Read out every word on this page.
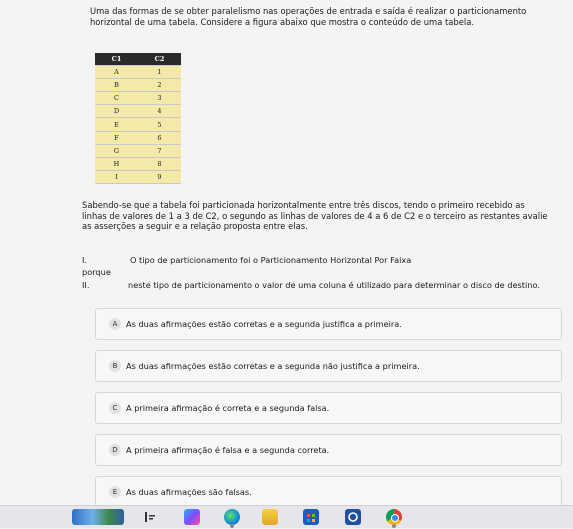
Uma das formas de se obter paralelismo nas operações de entrada e saída é realizar o particionamento
horizontal de uma tabela. Considere a figura abaixo que mostra o conteúdo de uma tabela.
C1	C2
A	1
B	2
C	3
D	4
E	5
F	6
G	7
H	8
I	9
Sabendo-se que a tabela foi particionada horizontalmente entre três discos, tendo o primeiro recebido as
linhas de valores de 1 a 3 de C2, o segundo as linhas de valores de 4 a 6 de C2 e o terceiro as restantes avalie
as asserções a seguir e a relação proposta entre elas.
I.	O tipo de particionamento foi o Particionamento Horizontal Por Faixa
porque
II.	neste tipo de particionamento o valor de uma coluna é utilizado para determinar o disco de destino.
A	As duas afirmações estão corretas e a segunda justifica a primeira.
B	As duas afirmações estão corretas e a segunda não justifica a primeira.
C	A primeira afirmação é correta e a segunda falsa.
D	A primeira afirmação é falsa e a segunda correta.
E	As duas afirmações são falsas.
